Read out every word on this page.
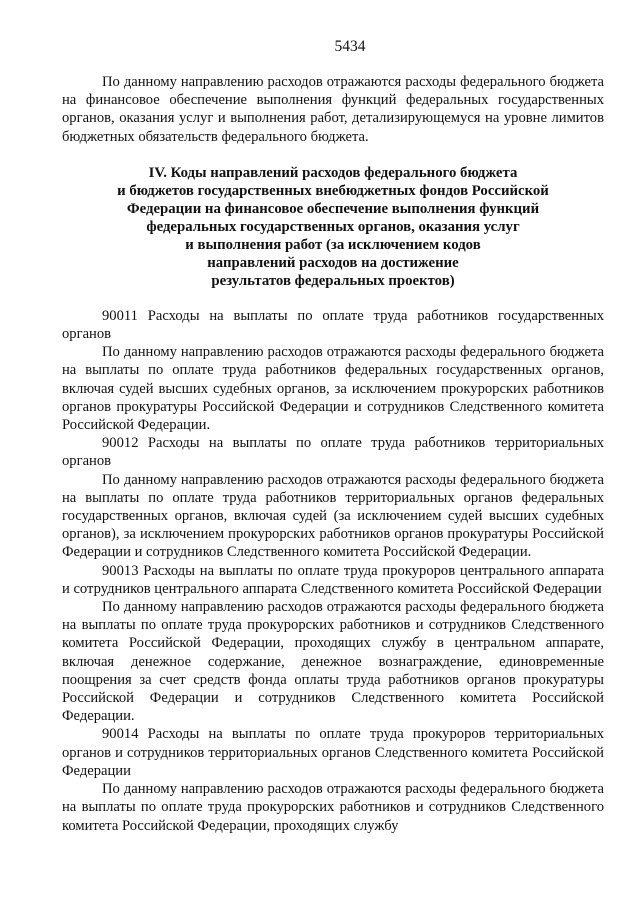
5434

По данному направлению расходов отражаются расходы федерального бюджета на финансовое обеспечение выполнения функций федеральных государственных органов, оказания услуг и выполнения работ, детализирующемуся на уровне лимитов бюджетных обязательств федерального бюджета.

IV. Коды направлений расходов федерального бюджета
и бюджетов государственных внебюджетных фондов Российской
Федерации на финансовое обеспечение выполнения функций
федеральных государственных органов, оказания услуг
и выполнения работ (за исключением кодов
направлений расходов на достижение
результатов федеральных проектов)

90011 Расходы на выплаты по оплате труда работников государственных органов

По данному направлению расходов отражаются расходы федерального бюджета на выплаты по оплате труда работников федеральных государственных органов, включая судей высших судебных органов, за исключением прокурорских работников органов прокуратуры Российской Федерации и сотрудников Следственного комитета Российской Федерации.

90012 Расходы на выплаты по оплате труда работников территориальных органов

По данному направлению расходов отражаются расходы федерального бюджета на выплаты по оплате труда работников территориальных органов федеральных государственных органов, включая судей (за исключением судей высших судебных органов), за исключением прокурорских работников органов прокуратуры Российской Федерации и сотрудников Следственного комитета Российской Федерации.

90013 Расходы на выплаты по оплате труда прокуроров центрального аппарата и сотрудников центрального аппарата Следственного комитета Российской Федерации

По данному направлению расходов отражаются расходы федерального бюджета на выплаты по оплате труда прокурорских работников и сотрудников Следственного комитета Российской Федерации, проходящих службу в центральном аппарате, включая денежное содержание, денежное вознаграждение, единовременные поощрения за счет средств фонда оплаты труда работников органов прокуратуры Российской Федерации и сотрудников Следственного комитета Российской Федерации.

90014 Расходы на выплаты по оплате труда прокуроров территориальных органов и сотрудников территориальных органов Следственного комитета Российской Федерации

По данному направлению расходов отражаются расходы федерального бюджета на выплаты по оплате труда прокурорских работников и сотрудников Следственного комитета Российской Федерации, проходящих службу
